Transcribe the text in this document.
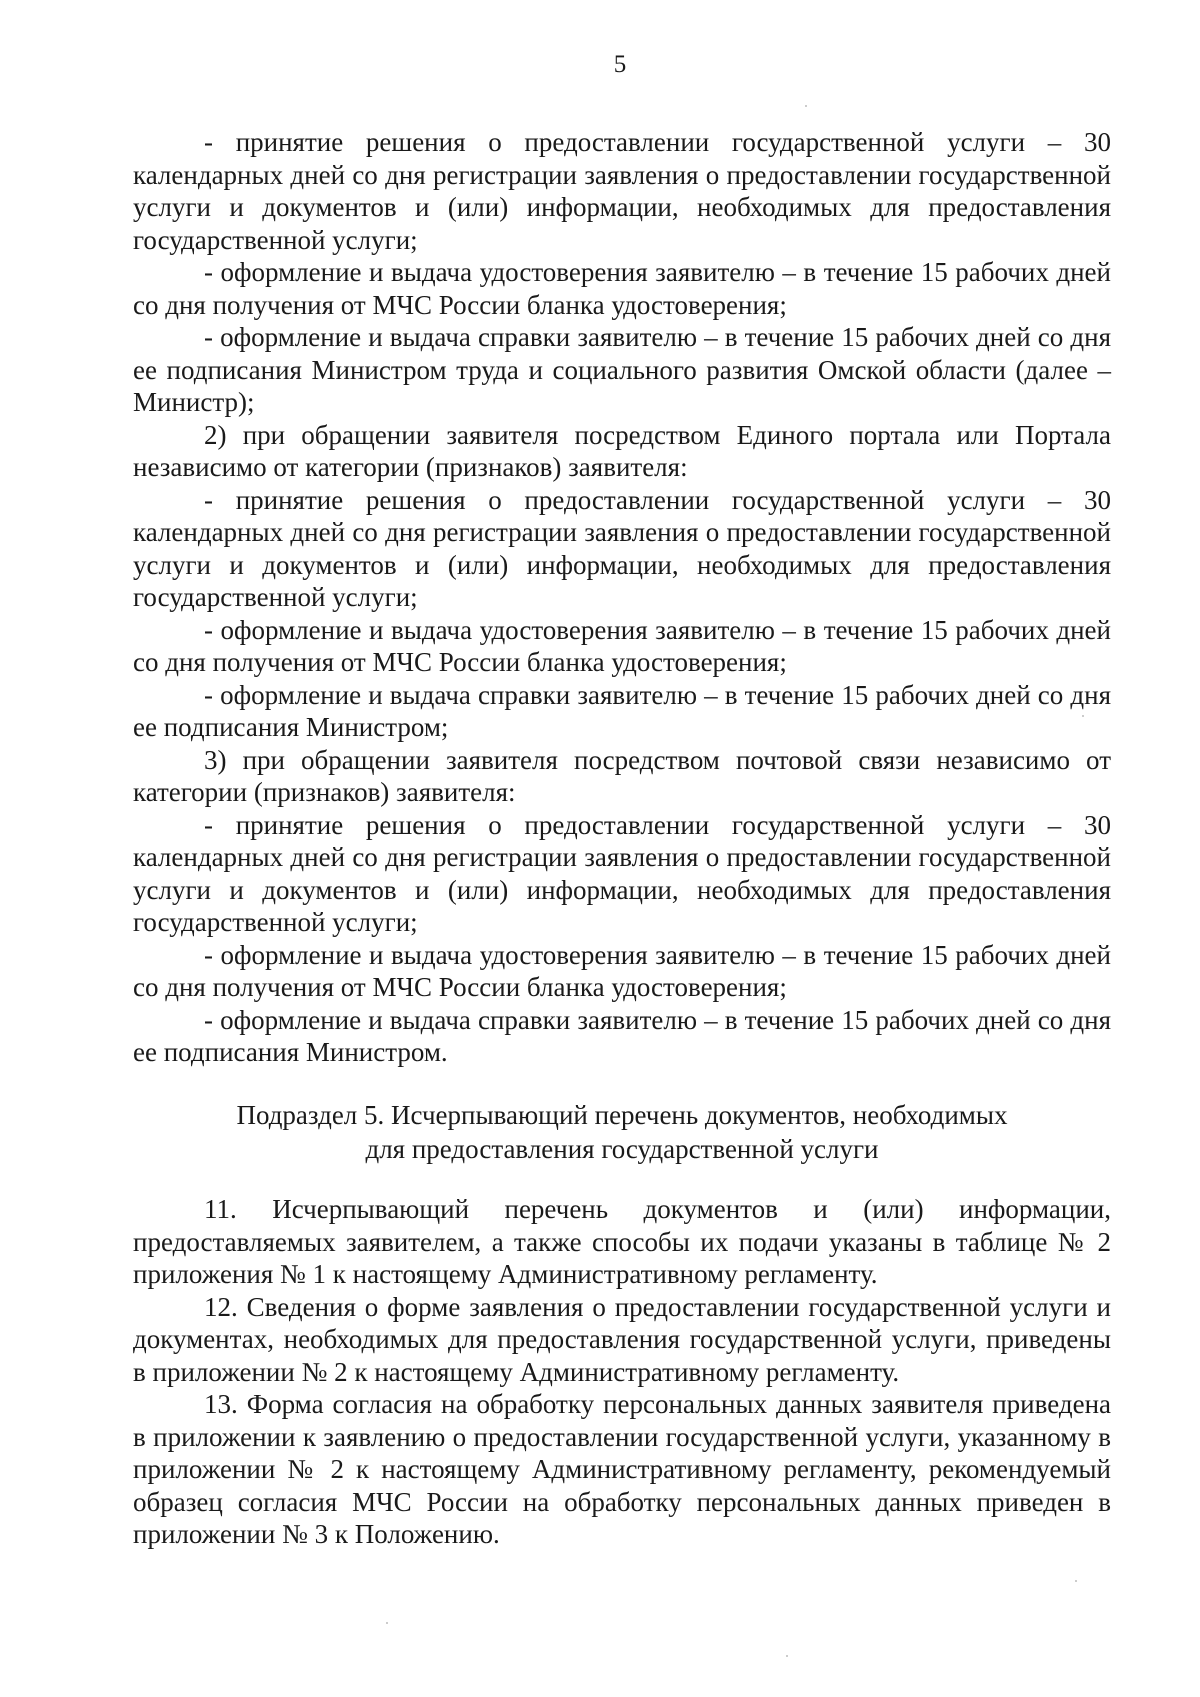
5

- принятие решения о предоставлении государственной услуги – 30 календарных дней со дня регистрации заявления о предоставлении государственной услуги и документов и (или) информации, необходимых для предоставления государственной услуги;

- оформление и выдача удостоверения заявителю – в течение 15 рабочих дней со дня получения от МЧС России бланка удостоверения;

- оформление и выдача справки заявителю – в течение 15 рабочих дней со дня ее подписания Министром труда и социального развития Омской области (далее – Министр);

2) при обращении заявителя посредством Единого портала или Портала независимо от категории (признаков) заявителя:

- принятие решения о предоставлении государственной услуги – 30 календарных дней со дня регистрации заявления о предоставлении государственной услуги и документов и (или) информации, необходимых для предоставления государственной услуги;

- оформление и выдача удостоверения заявителю – в течение 15 рабочих дней со дня получения от МЧС России бланка удостоверения;

- оформление и выдача справки заявителю – в течение 15 рабочих дней со дня ее подписания Министром;

3) при обращении заявителя посредством почтовой связи независимо от категории (признаков) заявителя:

- принятие решения о предоставлении государственной услуги – 30 календарных дней со дня регистрации заявления о предоставлении государственной услуги и документов и (или) информации, необходимых для предоставления государственной услуги;

- оформление и выдача удостоверения заявителю – в течение 15 рабочих дней со дня получения от МЧС России бланка удостоверения;

- оформление и выдача справки заявителю – в течение 15 рабочих дней со дня ее подписания Министром.

Подраздел 5. Исчерпывающий перечень документов, необходимых
для предоставления государственной услуги

11. Исчерпывающий перечень документов и (или) информации, предоставляемых заявителем, а также способы их подачи указаны в таблице № 2 приложения № 1 к настоящему Административному регламенту.

12. Сведения о форме заявления о предоставлении государственной услуги и документах, необходимых для предоставления государственной услуги, приведены в приложении № 2 к настоящему Административному регламенту.

13. Форма согласия на обработку персональных данных заявителя приведена в приложении к заявлению о предоставлении государственной услуги, указанному в приложении № 2 к настоящему Административному регламенту, рекомендуемый образец согласия МЧС России на обработку персональных данных приведен в приложении № 3 к Положению.
